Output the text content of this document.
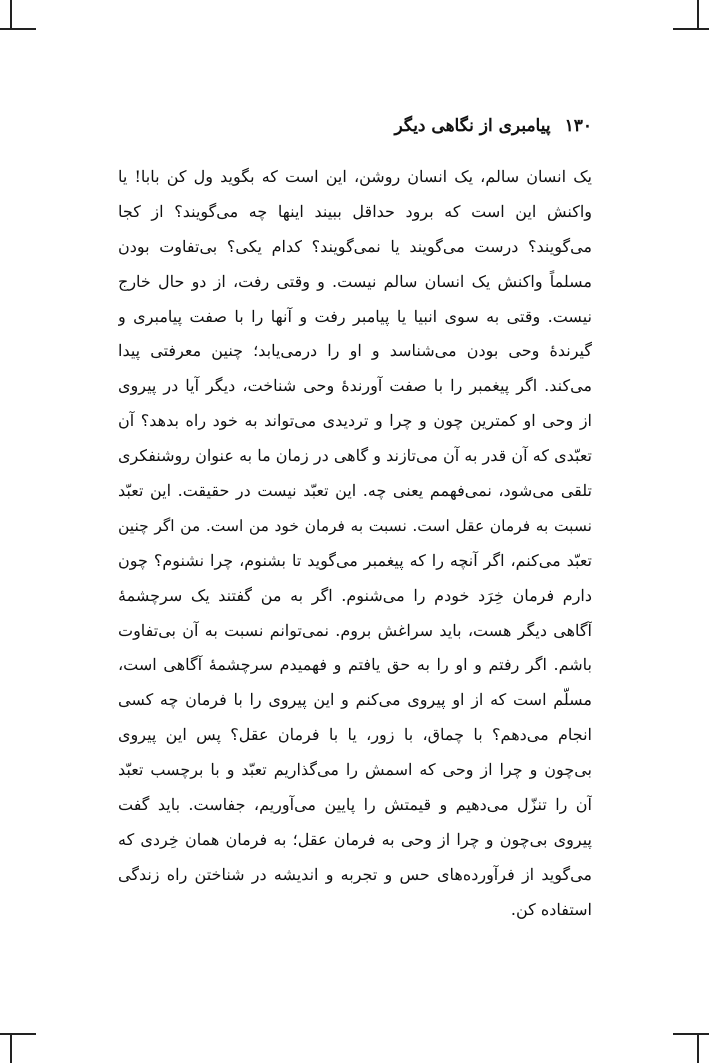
۱۳۰
پیامبری از نگاهی دیگر
یک انسان سالم، یک انسان روشن، این است که بگوید ول کن بابا! یا
واکنش این است که برود حداقل ببیند اینها چه می‌گویند؟ از کجا
می‌گویند؟ درست می‌گویند یا نمی‌گویند؟ کدام یکی؟ بی‌تفاوت بودن
مسلماً واکنش یک انسان سالم نیست. و وقتی رفت، از دو حال خارج
نیست. وقتی به سوی انبیا یا پیامبر رفت و آنها را با صفت پیامبری و
گیرندهٔ وحی بودن می‌شناسد و او را درمی‌یابد؛ چنین معرفتی پیدا
می‌کند. اگر پیغمبر را با صفت آورندهٔ وحی شناخت، دیگر آیا در پیروی
از وحی او کمترین چون و چرا و تردیدی می‌تواند به خود راه بدهد؟ آن
تعبّدی که آن قدر به آن می‌تازند و گاهی در زمان ما به عنوان روشنفکری
تلقی می‌شود، نمی‌فهمم یعنی چه. این تعبّد نیست در حقیقت. این تعبّد
نسبت به فرمان عقل است. نسبت به فرمان خود من است. من اگر چنین
تعبّد می‌کنم، اگر آنچه را که پیغمبر می‌گوید تا بشنوم، چرا نشنوم؟ چون
دارم فرمان خِرَد خودم را می‌شنوم. اگر به من گفتند یک سرچشمهٔ
آگاهی دیگر هست، باید سراغش بروم. نمی‌توانم نسبت به آن بی‌تفاوت
باشم. اگر رفتم و او را به حق یافتم و فهمیدم سرچشمهٔ آگاهی است،
مسلّم است که از او پیروی می‌کنم و این پیروی را با فرمان چه کسی
انجام می‌دهم؟ با چماق، با زور، یا با فرمان عقل؟ پس این پیروی
بی‌چون و چرا از وحی که اسمش را می‌گذاریم تعبّد و با برچسب تعبّد
آن را تنزّل می‌دهیم و قیمتش را پایین می‌آوریم، جفاست. باید گفت
پیروی بی‌چون و چرا از وحی به فرمان عقل؛ به فرمان همان خِردی که
می‌گوید از فرآورده‌های حس و تجربه و اندیشه در شناختن راه زندگی
استفاده کن.
